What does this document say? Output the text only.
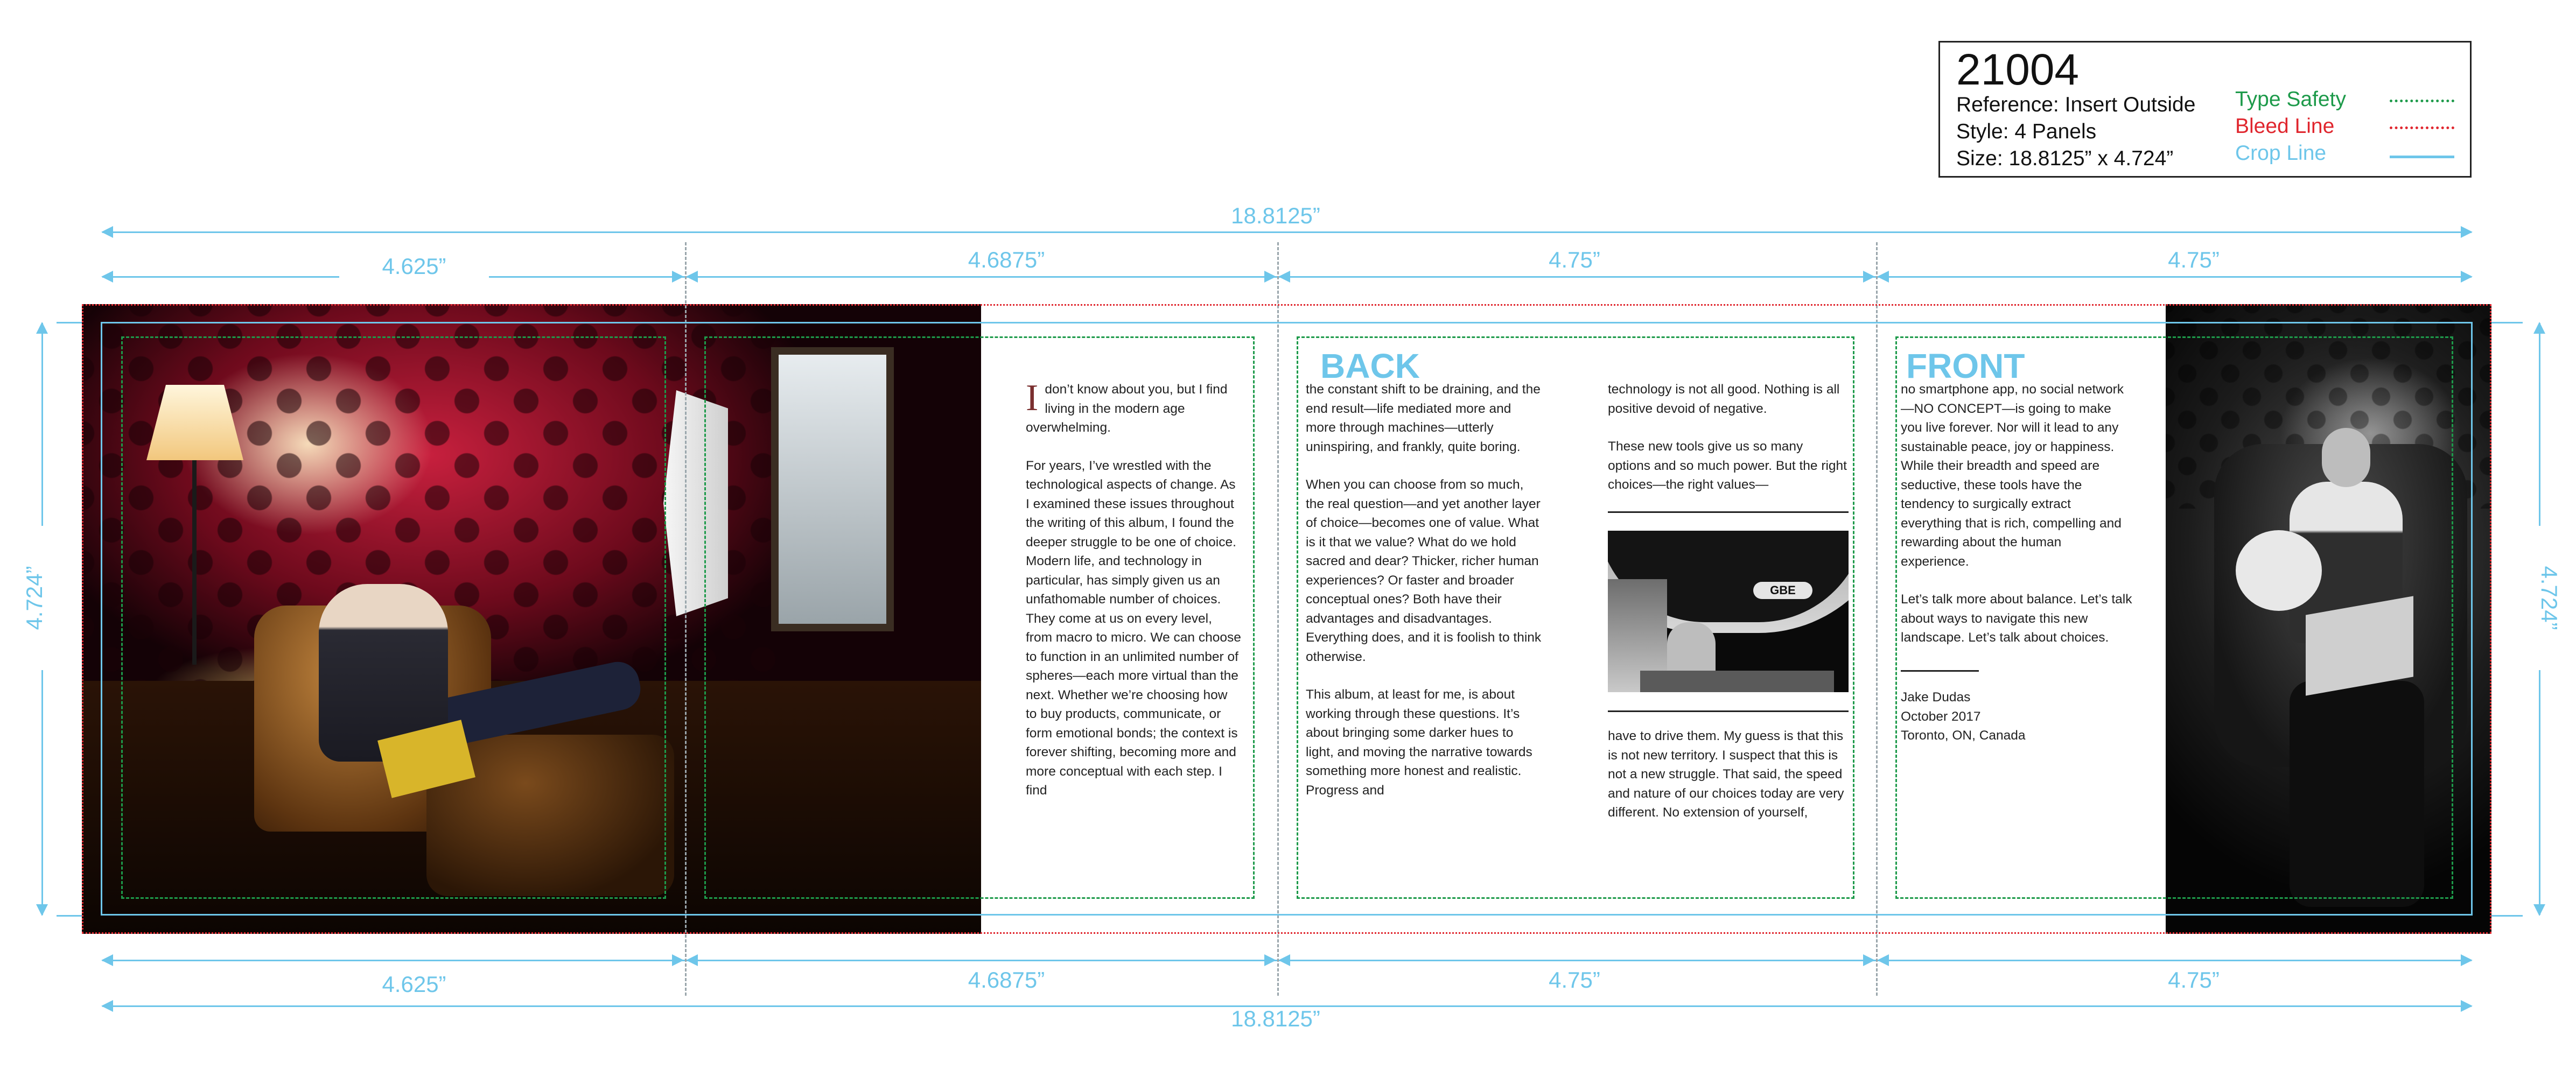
21004
Reference: Insert Outside
Style: 4 Panels
Size: 18.8125” x 4.724”
Type Safety
Bleed Line
Crop Line
18.8125”
4.625”	4.6875”	4.75”	4.75”
4.625”	4.6875”	4.75”	4.75”
18.8125”
4.724”	4.724”

Idon’t know about you, but I find living in the modern age overwhelming.

For years, I’ve wrestled with the technological aspects of change. As I examined these issues throughout the writing of this album, I found the deeper struggle to be one of choice. Modern life, and technology in particular, has simply given us an unfathomable number of choices. They come at us on every level, from macro to micro. We can choose to function in an unlimited number of spheres—each more virtual than the next. Whether we’re choosing how to buy products, communicate, or form emotional bonds; the context is forever shifting, becoming more and more conceptual with each step. I find

BACK

the constant shift to be draining, and the end result—life mediated more and more through machines—utterly uninspiring, and frankly, quite boring.

When you can choose from so much, the real question—and yet another layer of choice—becomes one of value. What is it that we value? What do we hold sacred and dear? Thicker, richer human experiences? Or faster and broader conceptual ones? Both have their advantages and disadvantages. Everything does, and it is foolish to think otherwise.

This album, at least for me, is about working through these questions. It’s about bringing some darker hues to light, and moving the narrative towards something more honest and realistic. Progress and

technology is not all good. Nothing is all positive devoid of negative.

These new tools give us so many options and so much power. But the right choices—the right values—

GBE

have to drive them. My guess is that this is not new territory. I suspect that this is not a new struggle. That said, the speed and nature of our choices today are very different. No extension of yourself,

FRONT

no smartphone app, no social network—NO CONCEPT—is going to make you live forever. Nor will it lead to any sustainable peace, joy or happiness. While their breadth and speed are seductive, these tools have the tendency to surgically extract everything that is rich, compelling and rewarding about the human experience.

Let’s talk more about balance. Let’s talk about ways to navigate this new landscape. Let’s talk about choices.

Jake Dudas
October 2017
Toronto, ON, Canada
